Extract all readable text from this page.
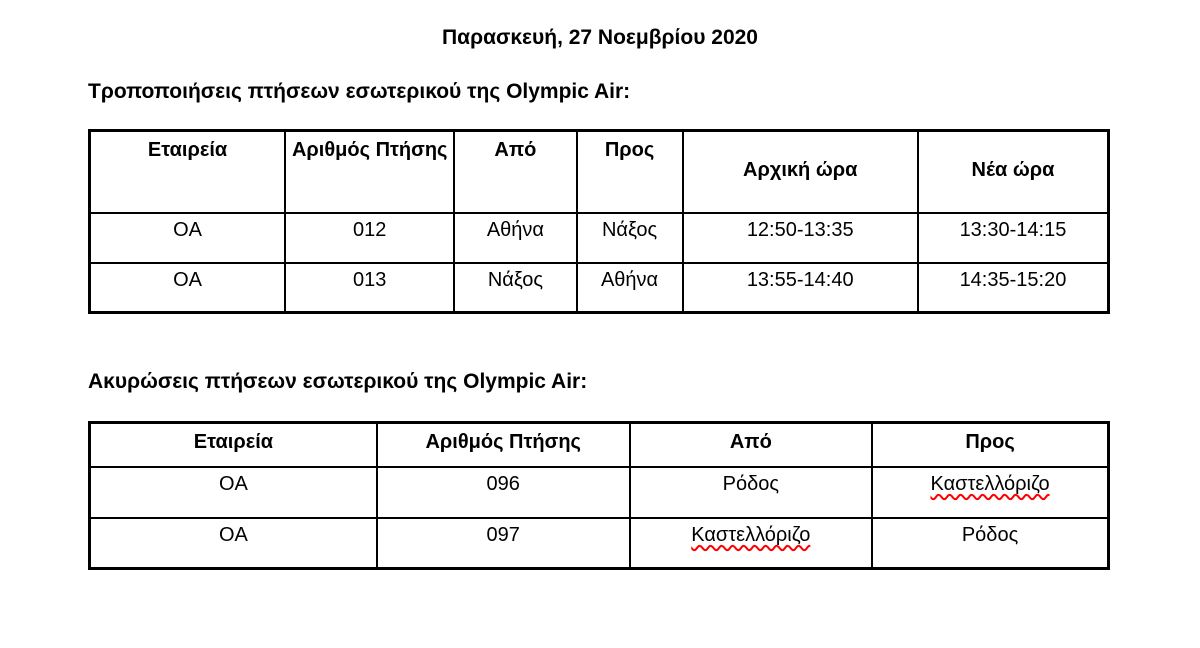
Παρασκευή, 27 Νοεμβρίου 2020
Τροποποιήσεις πτήσεων εσωτερικού της Olympic Air:
Εταιρεία	Αριθμός Πτήσης	Από	Προς	Αρχική ώρα	Νέα ώρα
OA	012	Αθήνα	Νάξος	12:50-13:35	13:30-14:15
OA	013	Νάξος	Αθήνα	13:55-14:40	14:35-15:20
Ακυρώσεις πτήσεων εσωτερικού της Olympic Air:
Εταιρεία	Αριθμός Πτήσης	Από	Προς
OA	096	Ρόδος	Καστελλόριζο
OA	097	Καστελλόριζο	Ρόδος
